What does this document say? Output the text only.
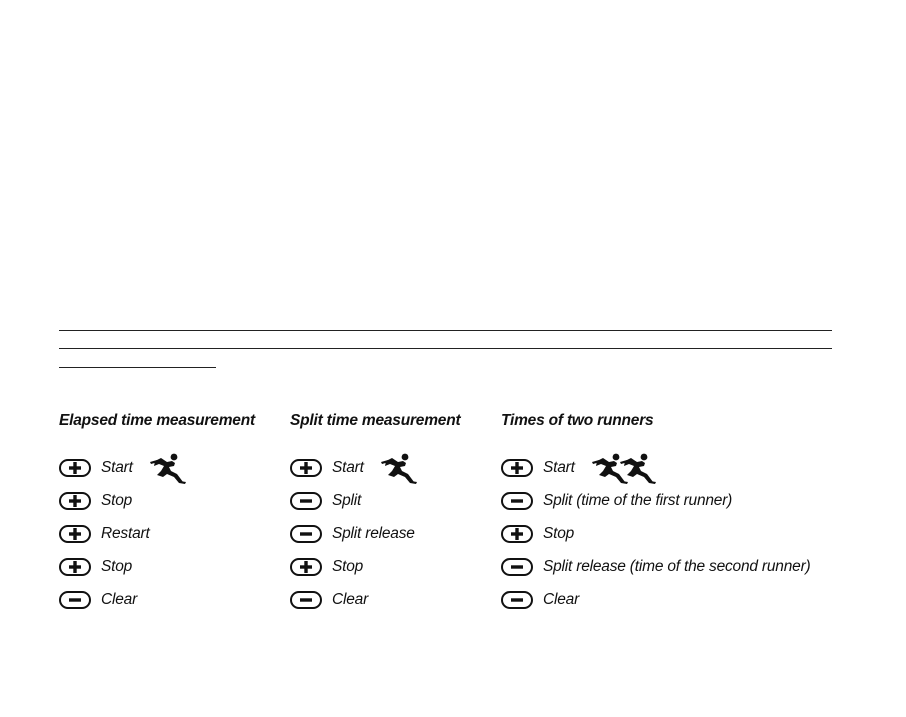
Elapsed time measurement
Start
Stop
Restart
Stop
Clear
Split time measurement
Start
Split
Split release
Stop
Clear
Times of two runners
Start
Split (time of the first runner)
Stop
Split release (time of the second runner)
Clear
